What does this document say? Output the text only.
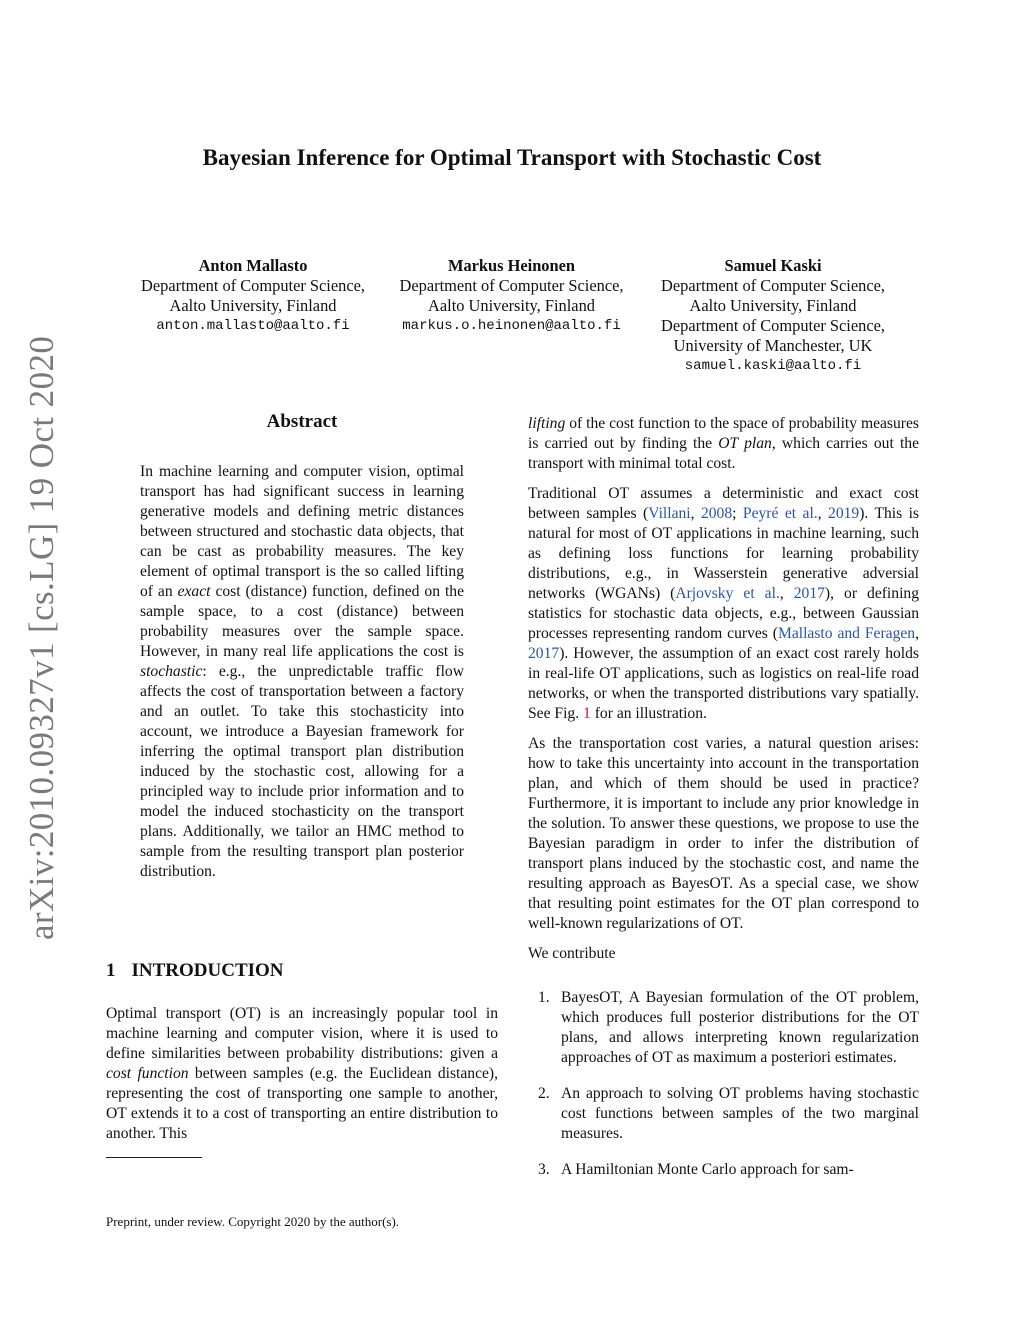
arXiv:2010.09327v1 [cs.LG] 19 Oct 2020
Bayesian Inference for Optimal Transport with Stochastic Cost
Anton Mallasto
Department of Computer Science,
Aalto University, Finland
anton.mallasto@aalto.fi
Markus Heinonen
Department of Computer Science,
Aalto University, Finland
markus.o.heinonen@aalto.fi
Samuel Kaski
Department of Computer Science,
Aalto University, Finland
Department of Computer Science,
University of Manchester, UK
samuel.kaski@aalto.fi
Abstract

In machine learning and computer vision, optimal transport has had significant success in learning generative models and defining metric distances between structured and stochastic data objects, that can be cast as probability measures. The key element of optimal transport is the so called lifting of an exact cost (distance) function, defined on the sample space, to a cost (distance) between probability measures over the sample space. However, in many real life applications the cost is stochastic: e.g., the unpredictable traffic flow affects the cost of transportation between a factory and an outlet. To take this stochasticity into account, we introduce a Bayesian framework for inferring the optimal transport plan distribution induced by the stochastic cost, allowing for a principled way to include prior information and to model the induced stochasticity on the transport plans. Additionally, we tailor an HMC method to sample from the resulting transport plan posterior distribution.

1 INTRODUCTION

Optimal transport (OT) is an increasingly popular tool in machine learning and computer vision, where it is used to define similarities between probability distributions: given a cost function between samples (e.g. the Euclidean distance), representing the cost of transporting one sample to another, OT extends it to a cost of transporting an entire distribution to another. This

Preprint, under review. Copyright 2020 by the author(s).

lifting of the cost function to the space of probability measures is carried out by finding the OT plan, which carries out the transport with minimal total cost.

Traditional OT assumes a deterministic and exact cost between samples (Villani, 2008; Peyré et al., 2019). This is natural for most of OT applications in machine learning, such as defining loss functions for learning probability distributions, e.g., in Wasserstein generative adversial networks (WGANs) (Arjovsky et al., 2017), or defining statistics for stochastic data objects, e.g., between Gaussian processes representing random curves (Mallasto and Feragen, 2017). However, the assumption of an exact cost rarely holds in real-life OT applications, such as logistics on real-life road networks, or when the transported distributions vary spatially. See Fig. 1 for an illustration.

As the transportation cost varies, a natural question arises: how to take this uncertainty into account in the transportation plan, and which of them should be used in practice? Furthermore, it is important to include any prior knowledge in the solution. To answer these questions, we propose to use the Bayesian paradigm in order to infer the distribution of transport plans induced by the stochastic cost, and name the resulting approach as BayesOT. As a special case, we show that resulting point estimates for the OT plan correspond to well-known regularizations of OT.

We contribute

1. BayesOT, A Bayesian formulation of the OT problem, which produces full posterior distributions for the OT plans, and allows interpreting known regularization approaches of OT as maximum a posteriori estimates.
2. An approach to solving OT problems having stochastic cost functions between samples of the two marginal measures.
3. A Hamiltonian Monte Carlo approach for sam-
